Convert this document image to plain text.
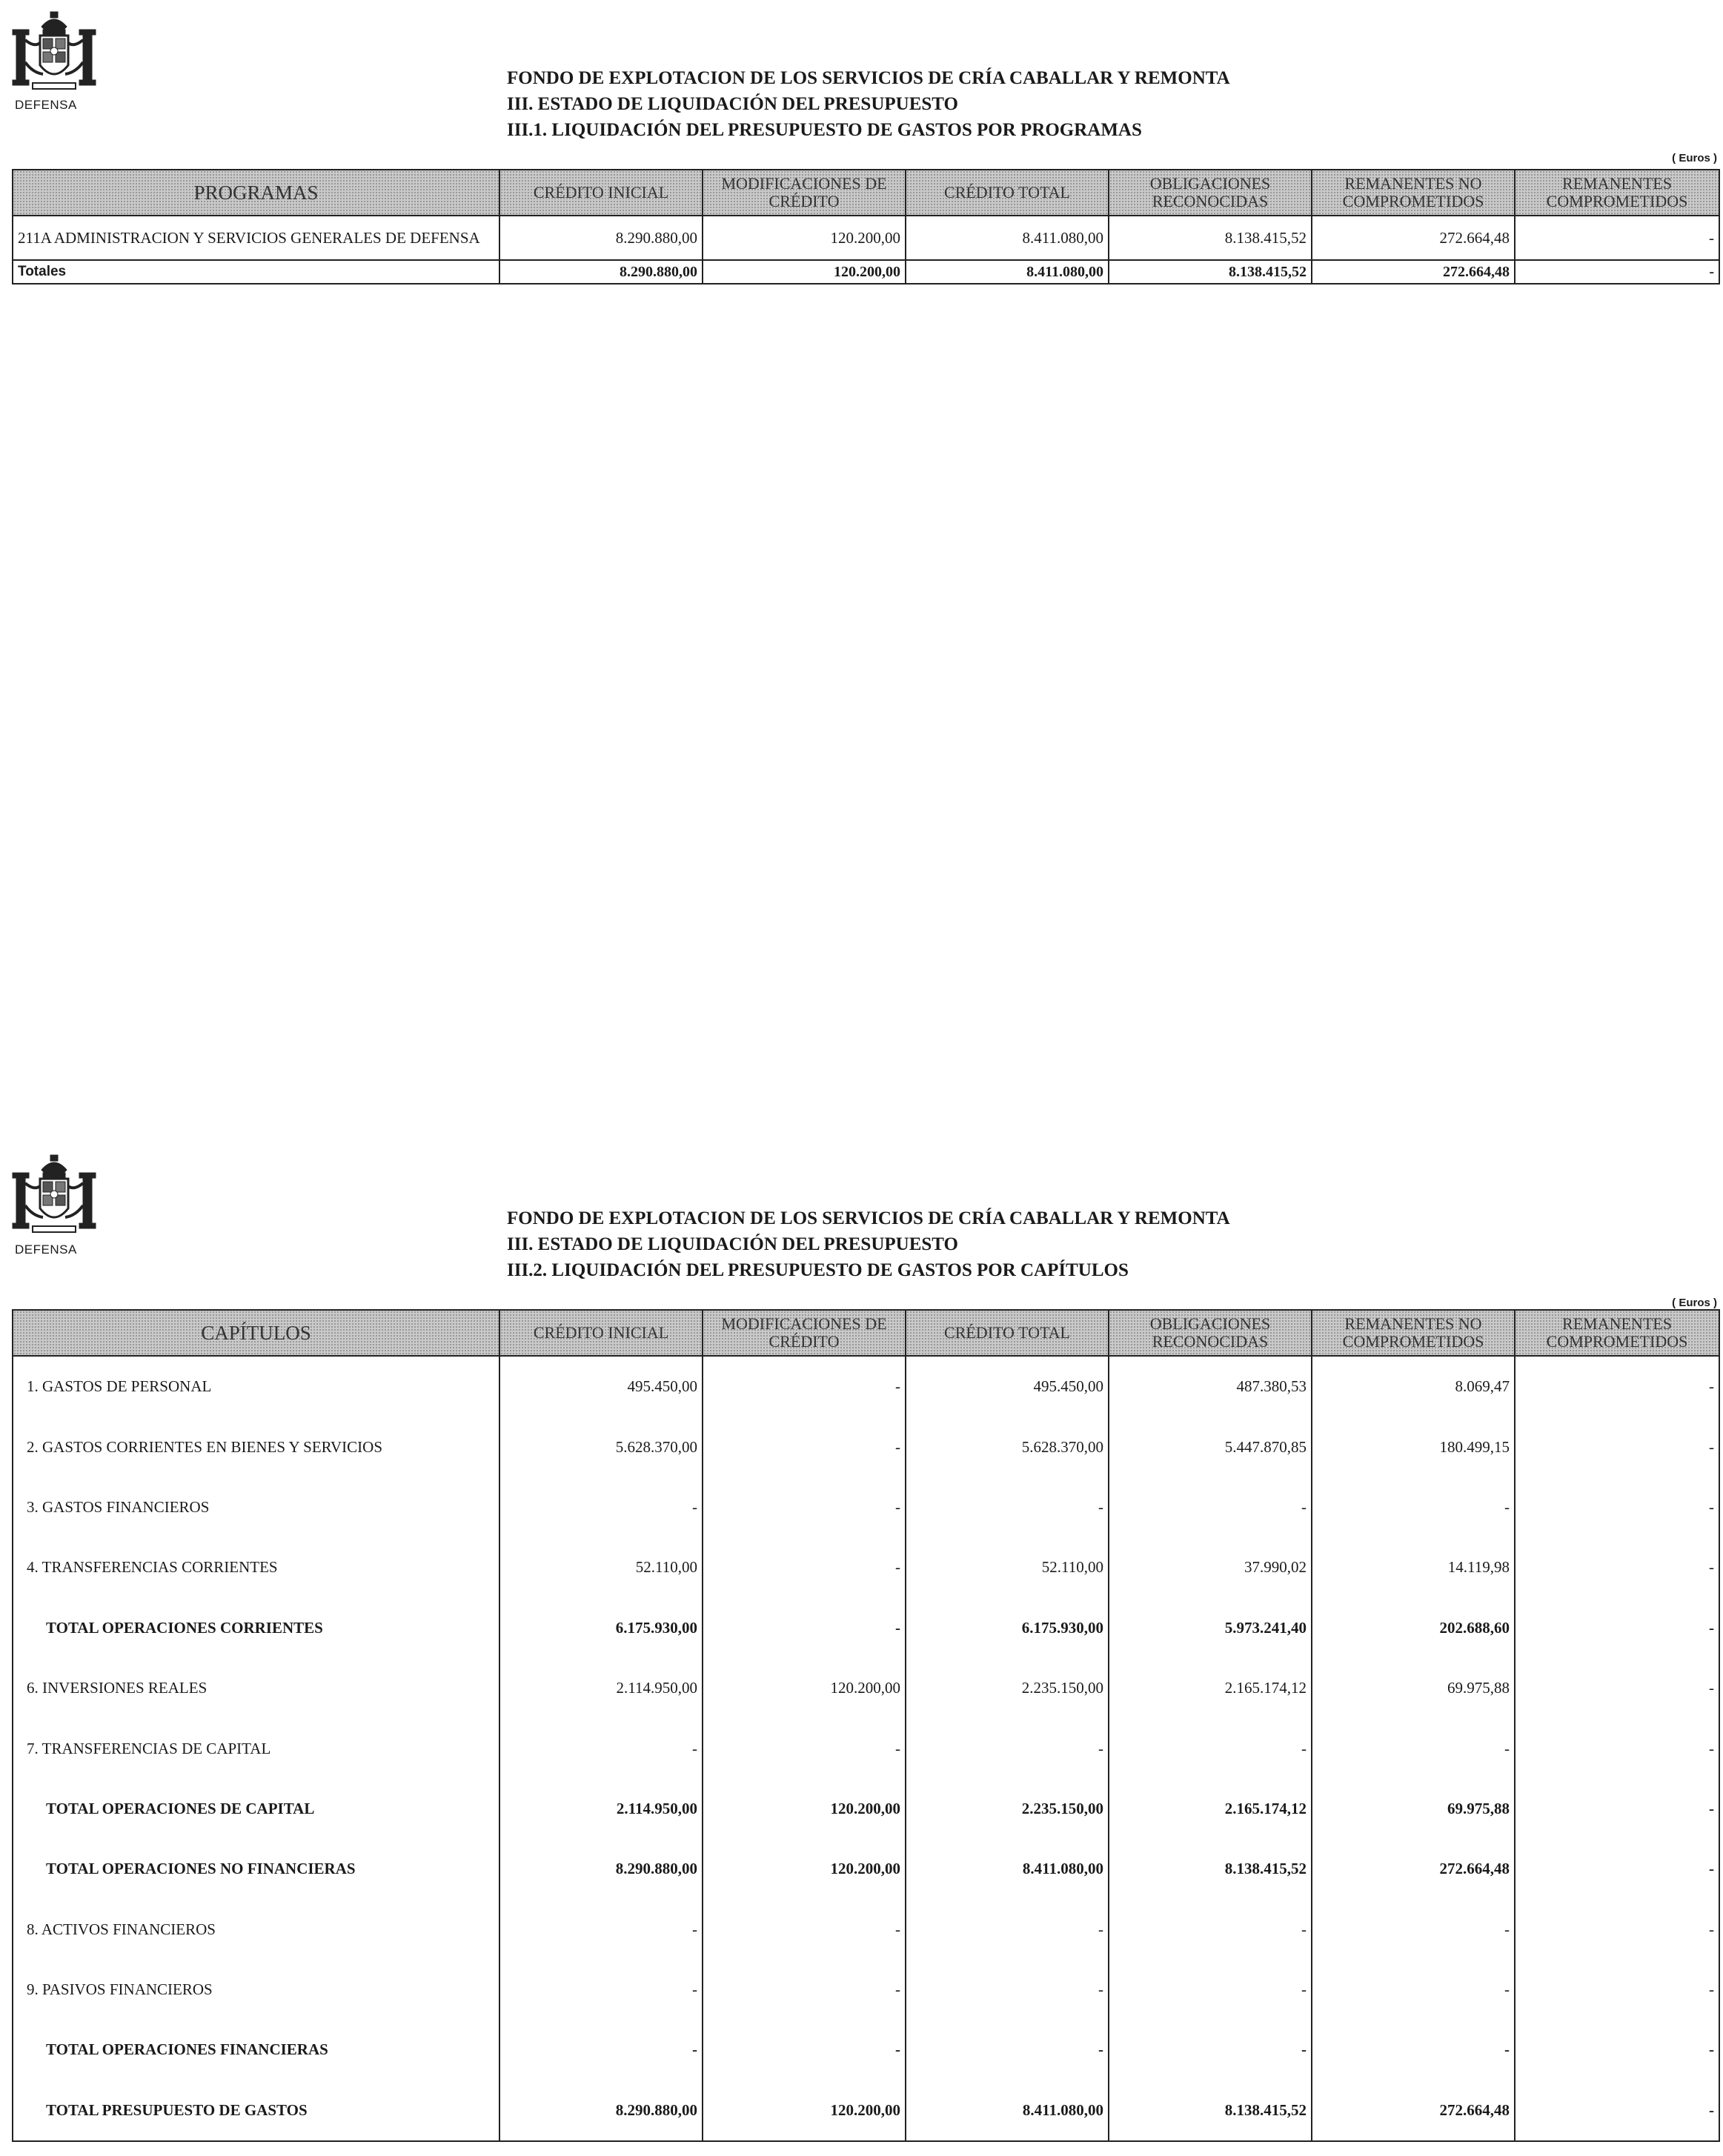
DEFENSA
FONDO DE EXPLOTACION DE LOS SERVICIOS DE CRÍA CABALLAR Y REMONTA
III. ESTADO DE LIQUIDACIÓN DEL PRESUPUESTO
III.1. LIQUIDACIÓN DEL PRESUPUESTO DE GASTOS POR PROGRAMAS
( Euros )
PROGRAMAS	CRÉDITO INICIAL	MODIFICACIONES DE CRÉDITO	CRÉDITO TOTAL	OBLIGACIONES RECONOCIDAS	REMANENTES NO COMPROMETIDOS	REMANENTES COMPROMETIDOS
211A ADMINISTRACION Y SERVICIOS GENERALES DE DEFENSA	8.290.880,00	120.200,00	8.411.080,00	8.138.415,52	272.664,48	-
Totales	8.290.880,00	120.200,00	8.411.080,00	8.138.415,52	272.664,48	-
DEFENSA
FONDO DE EXPLOTACION DE LOS SERVICIOS DE CRÍA CABALLAR Y REMONTA
III. ESTADO DE LIQUIDACIÓN DEL PRESUPUESTO
III.2. LIQUIDACIÓN DEL PRESUPUESTO DE GASTOS POR CAPÍTULOS
( Euros )
CAPÍTULOS	CRÉDITO INICIAL	MODIFICACIONES DE CRÉDITO	CRÉDITO TOTAL	OBLIGACIONES RECONOCIDAS	REMANENTES NO COMPROMETIDOS	REMANENTES COMPROMETIDOS
1. GASTOS DE PERSONAL	495.450,00	-	495.450,00	487.380,53	8.069,47	-
2. GASTOS CORRIENTES EN BIENES Y SERVICIOS	5.628.370,00	-	5.628.370,00	5.447.870,85	180.499,15	-
3. GASTOS FINANCIEROS	-	-	-	-	-	-
4. TRANSFERENCIAS CORRIENTES	52.110,00	-	52.110,00	37.990,02	14.119,98	-
TOTAL OPERACIONES CORRIENTES	6.175.930,00	-	6.175.930,00	5.973.241,40	202.688,60	-
6. INVERSIONES REALES	2.114.950,00	120.200,00	2.235.150,00	2.165.174,12	69.975,88	-
7. TRANSFERENCIAS DE CAPITAL	-	-	-	-	-	-
TOTAL OPERACIONES DE CAPITAL	2.114.950,00	120.200,00	2.235.150,00	2.165.174,12	69.975,88	-
TOTAL OPERACIONES NO FINANCIERAS	8.290.880,00	120.200,00	8.411.080,00	8.138.415,52	272.664,48	-
8. ACTIVOS FINANCIEROS	-	-	-	-	-	-
9. PASIVOS FINANCIEROS	-	-	-	-	-	-
TOTAL OPERACIONES FINANCIERAS	-	-	-	-	-	-
TOTAL PRESUPUESTO DE GASTOS	8.290.880,00	120.200,00	8.411.080,00	8.138.415,52	272.664,48	-
